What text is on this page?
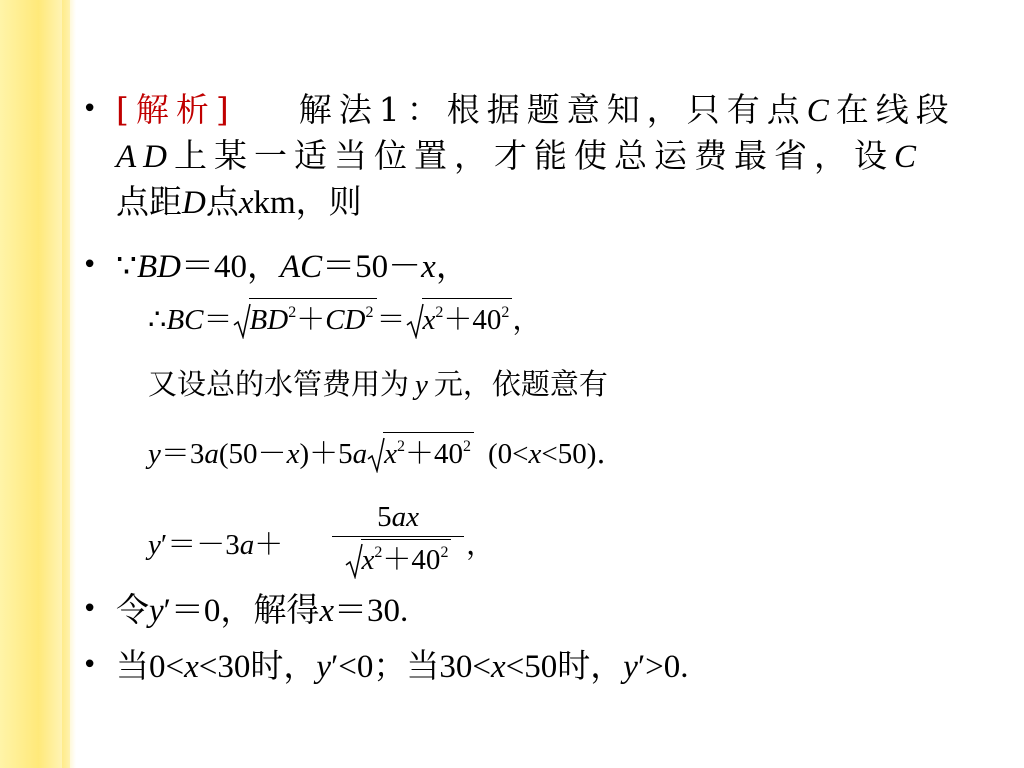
• [解析] 解法1：根据题意知，只有点C在线段
AD上某一适当位置，才能使总运费最省，设C
点距D点xkm，则
• ∵BD＝40，AC＝50－x，
∴BC＝ $BD^2+CD^2 = x^2+40^2$ ，
又设总的水管费用为 y 元，依题意有
y＝3a(50－x)＋5a $x^2+40^2$ (0<x<50).
y′＝－3a＋
5ax
$x^2+40^2$ ，
• 令y′＝0，解得x＝30.
• 当0<x<30时，y′<0；当30<x<50时，y′>0.
